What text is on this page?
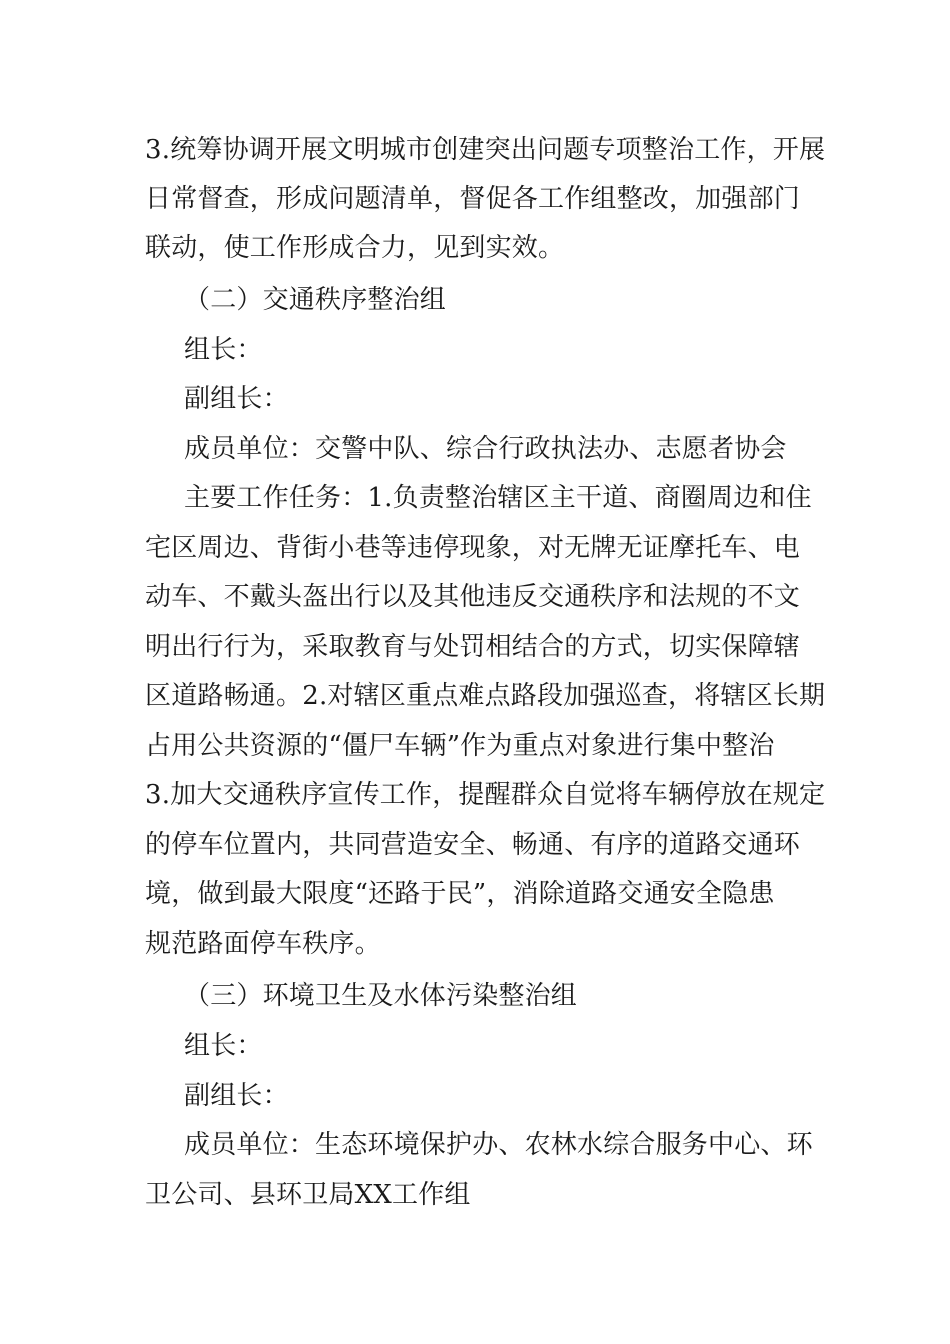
3.统筹协调开展文明城市创建突出问题专项整治工作，开展
日常督查，形成问题清单，督促各工作组整改，加强部门
联动，使工作形成合力，见到实效。
（二）交通秩序整治组
组长：
副组长：
成员单位：交警中队、综合行政执法办、志愿者协会
主要工作任务：1.负责整治辖区主干道、商圈周边和住
宅区周边、背街小巷等违停现象，对无牌无证摩托车、电
动车、不戴头盔出行以及其他违反交通秩序和法规的不文
明出行行为，采取教育与处罚相结合的方式，切实保障辖
区道路畅通。2.对辖区重点难点路段加强巡查，将辖区长期
占用公共资源的“僵尸车辆”作为重点对象进行集中整治
3.加大交通秩序宣传工作，提醒群众自觉将车辆停放在规定
的停车位置内，共同营造安全、畅通、有序的道路交通环
境，做到最大限度“还路于民”，消除道路交通安全隐患
规范路面停车秩序。
（三）环境卫生及水体污染整治组
组长：
副组长：
成员单位：生态环境保护办、农林水综合服务中心、环
卫公司、县环卫局XX工作组
